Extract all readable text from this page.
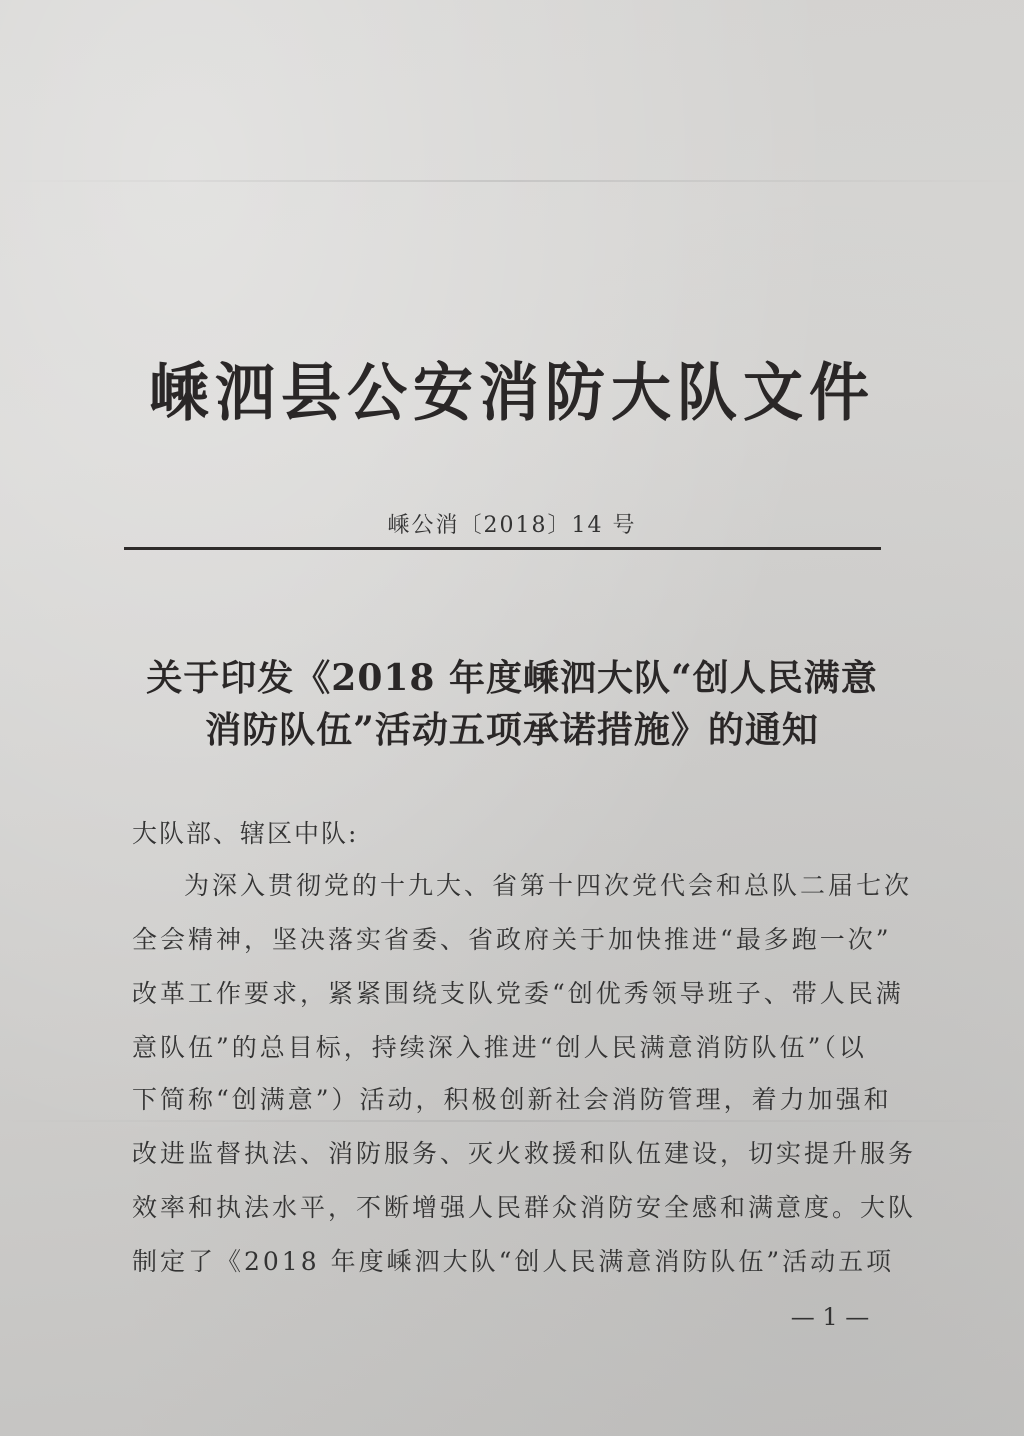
嵊泗县公安消防大队文件
嵊公消〔2018〕14 号
关于印发《2018 年度嵊泗大队“创人民满意
消防队伍”活动五项承诺措施》的通知
大队部、辖区中队:
为深入贯彻党的十九大、省第十四次党代会和总队二届七次
全会精神，坚决落实省委、省政府关于加快推进“最多跑一次”
改革工作要求，紧紧围绕支队党委“创优秀领导班子、带人民满
意队伍”的总目标，持续深入推进“创人民满意消防队伍”（以
下简称“创满意”）活动，积极创新社会消防管理，着力加强和
改进监督执法、消防服务、灭火救援和队伍建设，切实提升服务
效率和执法水平，不断增强人民群众消防安全感和满意度。大队
制定了《2018 年度嵊泗大队“创人民满意消防队伍”活动五项
— 1 —
